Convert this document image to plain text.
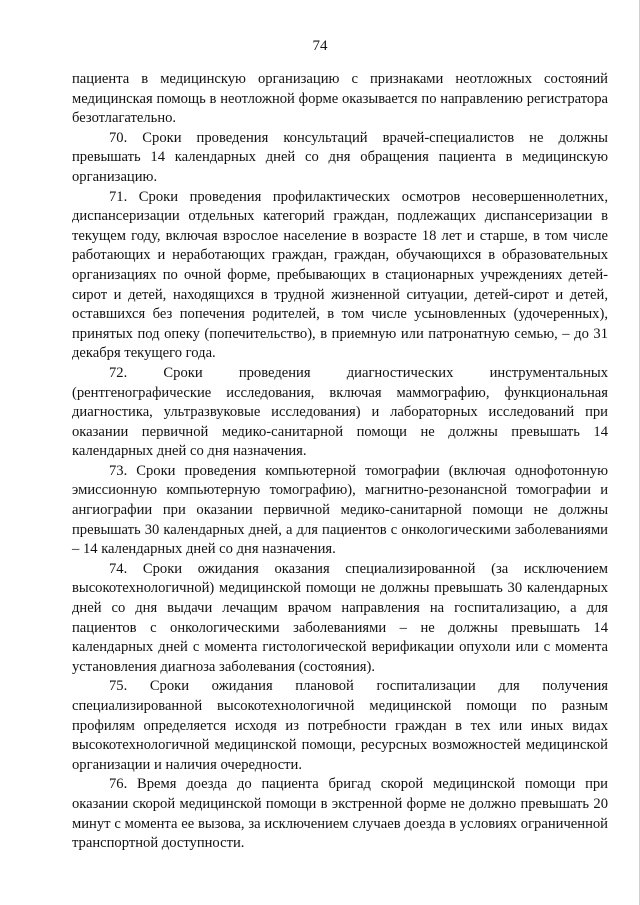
74

пациента в медицинскую организацию с признаками неотложных состояний медицинская помощь в неотложной форме оказывается по направлению регистратора безотлагательно.

70. Сроки проведения консультаций врачей-специалистов не должны превышать 14 календарных дней со дня обращения пациента в медицинскую организацию.

71. Сроки проведения профилактических осмотров несовершеннолетних, диспансеризации отдельных категорий граждан, подлежащих диспансеризации в текущем году, включая взрослое население в возрасте 18 лет и старше, в том числе работающих и неработающих граждан, граждан, обучающихся в образовательных организациях по очной форме, пребывающих в стационарных учреждениях детей-сирот и детей, находящихся в трудной жизненной ситуации, детей-сирот и детей, оставшихся без попечения родителей, в том числе усыновленных (удочеренных), принятых под опеку (попечительство), в приемную или патронатную семью, – до 31 декабря текущего года.

72. Сроки проведения диагностических инструментальных (рентгенографические исследования, включая маммографию, функциональная диагностика, ультразвуковые исследования) и лабораторных исследований при оказании первичной медико-санитарной помощи не должны превышать 14 календарных дней со дня назначения.

73. Сроки проведения компьютерной томографии (включая однофотонную эмиссионную компьютерную томографию), магнитно-резонансной томографии и ангиографии при оказании первичной медико-санитарной помощи не должны превышать 30 календарных дней, а для пациентов с онкологическими заболеваниями – 14 календарных дней со дня назначения.

74. Сроки ожидания оказания специализированной (за исключением высокотехнологичной) медицинской помощи не должны превышать 30 календарных дней со дня выдачи лечащим врачом направления на госпитализацию, а для пациентов с онкологическими заболеваниями – не должны превышать 14 календарных дней с момента гистологической верификации опухоли или с момента установления диагноза заболевания (состояния).

75. Сроки ожидания плановой госпитализации для получения специализированной высокотехнологичной медицинской помощи по разным профилям определяется исходя из потребности граждан в тех или иных видах высокотехнологичной медицинской помощи, ресурсных возможностей медицинской организации и наличия очередности.

76. Время доезда до пациента бригад скорой медицинской помощи при оказании скорой медицинской помощи в экстренной форме не должно превышать 20 минут с момента ее вызова, за исключением случаев доезда в условиях ограниченной транспортной доступности.
